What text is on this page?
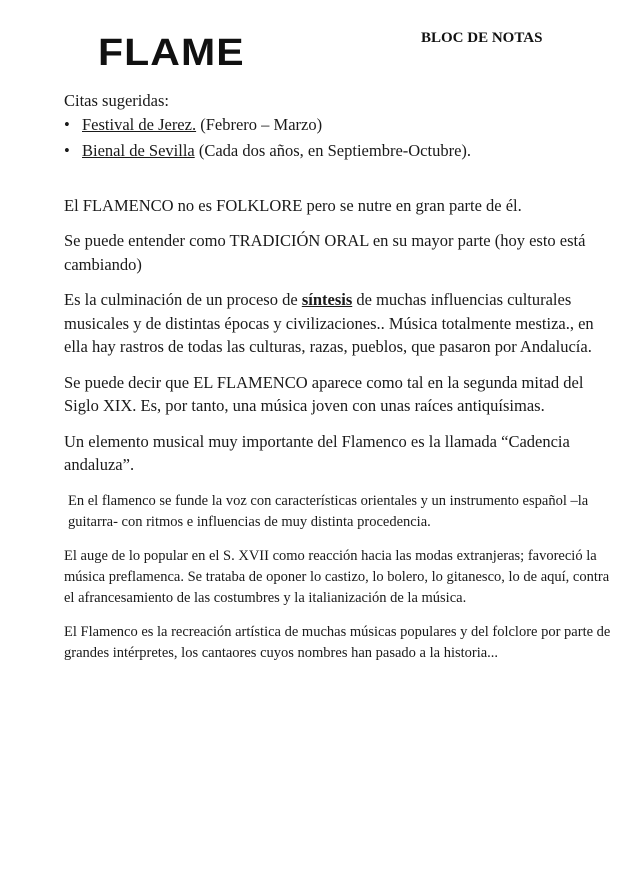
FLAME	BLOC DE NOTAS

Citas sugeridas:

• Festival de Jerez. (Febrero – Marzo)
• Bienal de Sevilla (Cada dos años, en Septiembre-Octubre).

El FLAMENCO no es FOLKLORE pero se nutre en gran parte de él.

Se puede entender como TRADICIÓN ORAL en su mayor parte (hoy esto está cambiando)

Es la culminación de un proceso de síntesis de muchas influencias culturales musicales y de distintas épocas y civilizaciones.. Música totalmente mestiza., en ella hay rastros de todas las culturas, razas, pueblos, que pasaron por Andalucía.

Se puede decir que EL FLAMENCO aparece como tal en la segunda mitad del Siglo XIX. Es, por tanto, una música joven con unas raíces antiquísimas.

Un elemento musical muy importante del Flamenco es la llamada “Cadencia andaluza”.

En el flamenco se funde la voz con características orientales y un instrumento español –la guitarra- con ritmos e influencias de muy distinta procedencia.

El auge de lo popular en el S. XVII como reacción hacia las modas extranjeras; favoreció la música preflamenca. Se trataba de oponer lo castizo, lo bolero, lo gitanesco, lo de aquí, contra el afrancesamiento de las costumbres y la italianización de la música.

El Flamenco es la recreación artística de muchas músicas populares y del folclore por parte de grandes intérpretes, los cantaores cuyos nombres han pasado a la historia...
